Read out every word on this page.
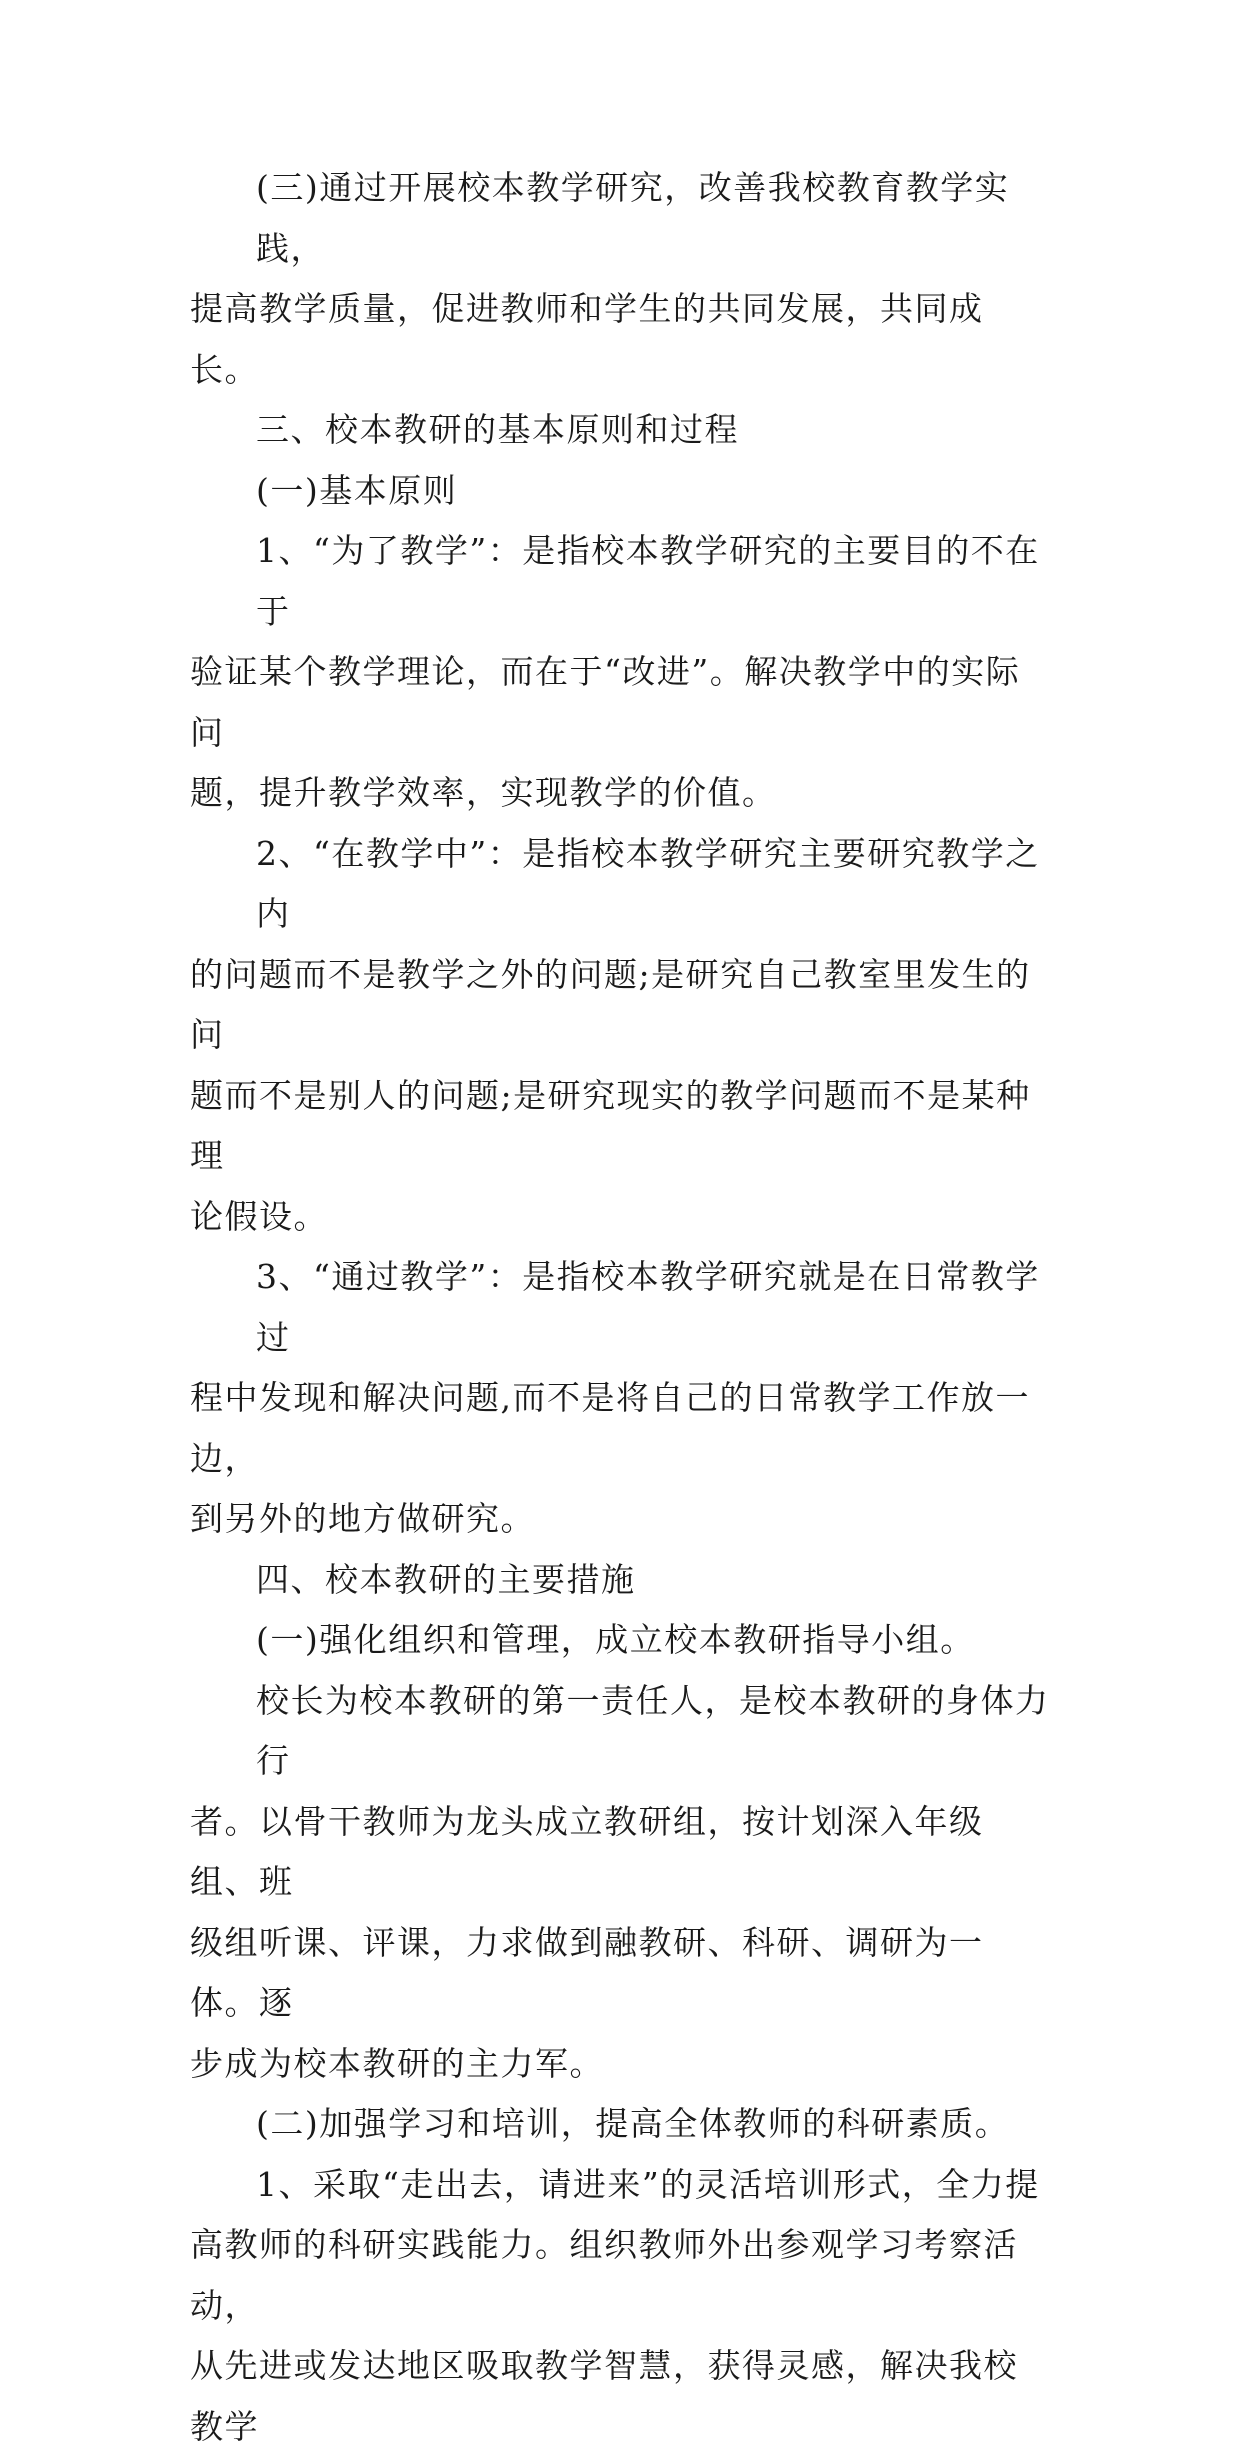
(三)通过开展校本教学研究，改善我校教育教学实践，
提高教学质量，促进教师和学生的共同发展，共同成长。
三、校本教研的基本原则和过程
(一)基本原则
1、“为了教学”：是指校本教学研究的主要目的不在于
验证某个教学理论，而在于“改进”。解决教学中的实际问
题，提升教学效率，实现教学的价值。
2、“在教学中”：是指校本教学研究主要研究教学之内
的问题而不是教学之外的问题;是研究自己教室里发生的问
题而不是别人的问题;是研究现实的教学问题而不是某种理
论假设。
3、“通过教学”：是指校本教学研究就是在日常教学过
程中发现和解决问题,而不是将自己的日常教学工作放一边，
到另外的地方做研究。
四、校本教研的主要措施
(一)强化组织和管理，成立校本教研指导小组。
校长为校本教研的第一责任人，是校本教研的身体力行
者。以骨干教师为龙头成立教研组，按计划深入年级组、班
级组听课、评课，力求做到融教研、科研、调研为一体。逐
步成为校本教研的主力军。
(二)加强学习和培训，提高全体教师的科研素质。
1、采取“走出去，请进来”的灵活培训形式，全力提
高教师的科研实践能力。组织教师外出参观学习考察活动，
从先进或发达地区吸取教学智慧，获得灵感，解决我校教学
